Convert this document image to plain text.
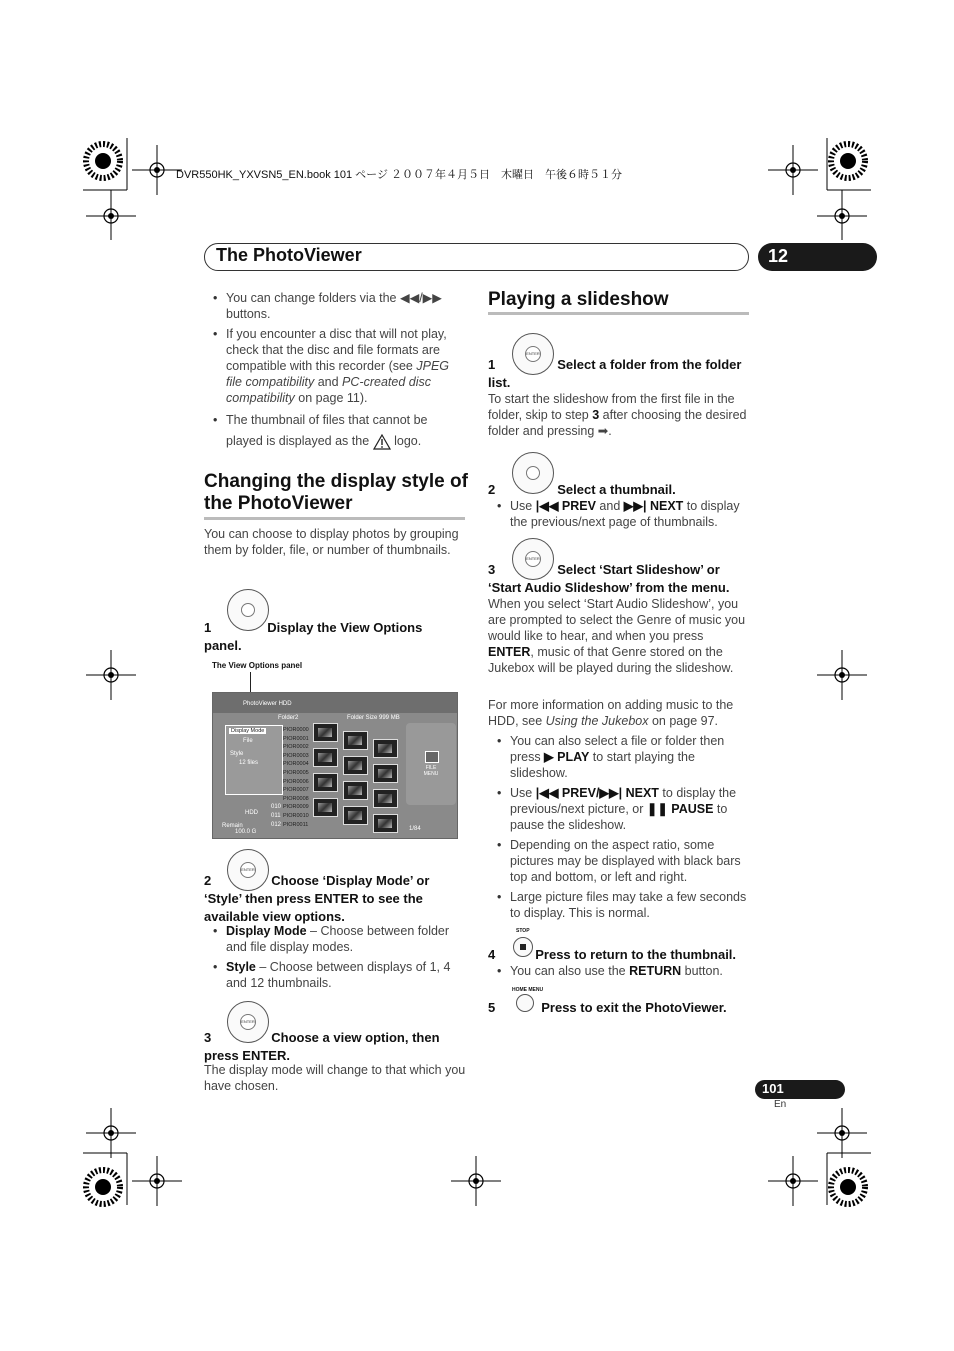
DVR550HK_YXVSN5_EN.book 101 ページ ２００７年４月５日　木曜日　午後６時５１分
The PhotoViewer	12
• You can change folders via the ◀◀/▶▶ buttons.
• If you encounter a disc that will not play, check that the disc and file formats are compatible with this recorder (see JPEG file compatibility and PC-created disc compatibility on page 11).
• The thumbnail of files that cannot be played is displayed as the  logo.
Changing the display style of the PhotoViewer
You can choose to display photos by grouping them by folder, file, or number of thumbnails.
1	Display the View Options panel.
The View Options panel
PhotoViewer HDD
Folder2	Folder Size 999 MB
Display Mode
File
Style
12 files
PIOR0000
PIOR0001
PIOR0002
PIOR0003
PIOR0004
PIOR0005
PIOR0006
PIOR0007
PIOR0008
PIOR0009
PIOR0010
PIOR0011
010
011
012
FILE MENU
HDD
Remain
100.0 G	1/84
ENTER
2	Choose ‘Display Mode’ or ‘Style’ then press ENTER to see the available view options.
• Display Mode – Choose between folder and file display modes.
• Style – Choose between displays of 1, 4 and 12 thumbnails.
ENTER
3	Choose a view option, then press ENTER.
The display mode will change to that which you have chosen.
Playing a slideshow
ENTER
1	Select a folder from the folder list.
To start the slideshow from the first file in the folder, skip to step 3 after choosing the desired folder and pressing ➡.
2	Select a thumbnail.
• Use |◀◀ PREV and ▶▶| NEXT to display the previous/next page of thumbnails.
ENTER
3	Select ‘Start Slideshow’ or ‘Start Audio Slideshow’ from the menu.
When you select ‘Start Audio Slideshow’, you are prompted to select the Genre of music you would like to hear, and when you press ENTER, music of that Genre stored on the Jukebox will be played during the slideshow.
For more information on adding music to the HDD, see Using the Jukebox on page 97.
• You can also select a file or folder then press ▶ PLAY to start playing the slideshow.
• Use |◀◀ PREV/▶▶| NEXT to display the previous/next picture, or ❚❚ PAUSE to pause the slideshow.
• Depending on the aspect ratio, some pictures may be displayed with black bars top and bottom, or left and right.
• Large picture files may take a few seconds to display. This is normal.
STOP
4	Press to return to the thumbnail.
• You can also use the RETURN button.
HOME MENU
5	Press to exit the PhotoViewer.
101
En
